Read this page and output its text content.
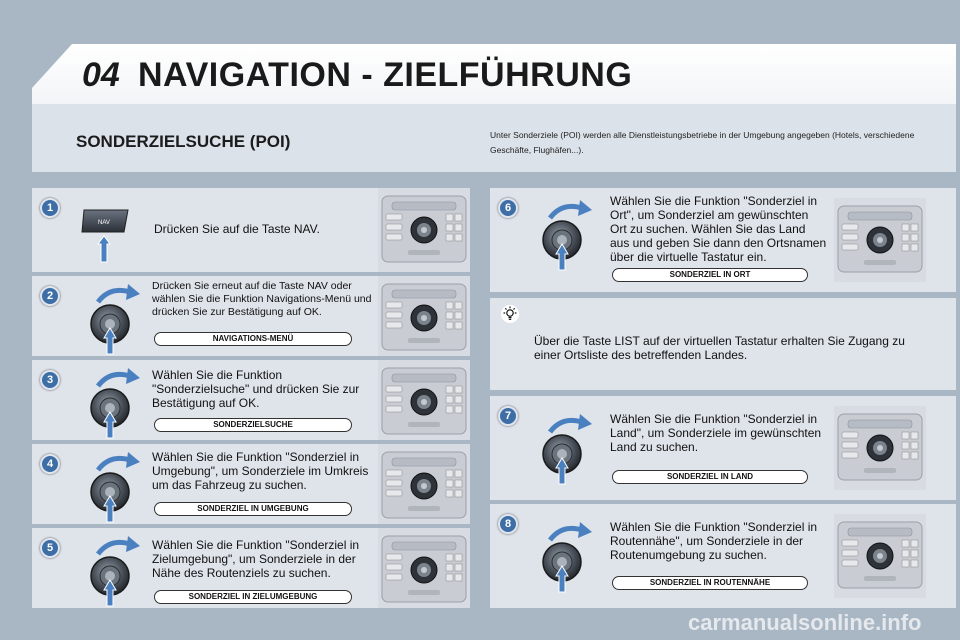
04 NAVIGATION - ZIELFÜHRUNG
SONDERZIELSUCHE (POI)	Unter Sonderziele (POI) werden alle Dienstleistungsbetriebe in der Umgebung angegeben (Hotels, verschiedene Geschäfte, Flughäfen...).
1
NAV	Drücken Sie auf die Taste NAV.
2
Drücken Sie erneut auf die Taste NAV oder wählen Sie die Funktion Navigations-Menü und drücken Sie zur Bestätigung auf OK.
NAVIGATIONS-MENÜ
3	Wählen Sie die Funktion "Sonderzielsuche" und drücken Sie zur Bestätigung auf OK.
SONDERZIELSUCHE
4	Wählen Sie die Funktion "Sonderziel in Umgebung", um Sonderziele im Umkreis um das Fahrzeug zu suchen.
SONDERZIEL IN UMGEBUNG
5	Wählen Sie die Funktion "Sonderziel in Zielumgebung", um Sonderziele in der Nähe des Routenziels zu suchen.
SONDERZIEL IN ZIELUMGEBUNG
6	Wählen Sie die Funktion "Sonderziel in Ort", um Sonderziel am gewünschten Ort zu suchen. Wählen Sie das Land aus und geben Sie dann den Ortsnamen über die virtuelle Tastatur ein.
SONDERZIEL IN ORT
Über die Taste LIST auf der virtuellen Tastatur erhalten Sie Zugang zu einer Ortsliste des betreffenden Landes.
7	Wählen Sie die Funktion "Sonderziel in Land", um Sonderziele im gewünschten Land zu suchen.
SONDERZIEL IN LAND
8	Wählen Sie die Funktion "Sonderziel in Routennähe", um Sonderziele in der Routenumgebung zu suchen.
SONDERZIEL IN ROUTENNÄHE
carmanualsonline.info
